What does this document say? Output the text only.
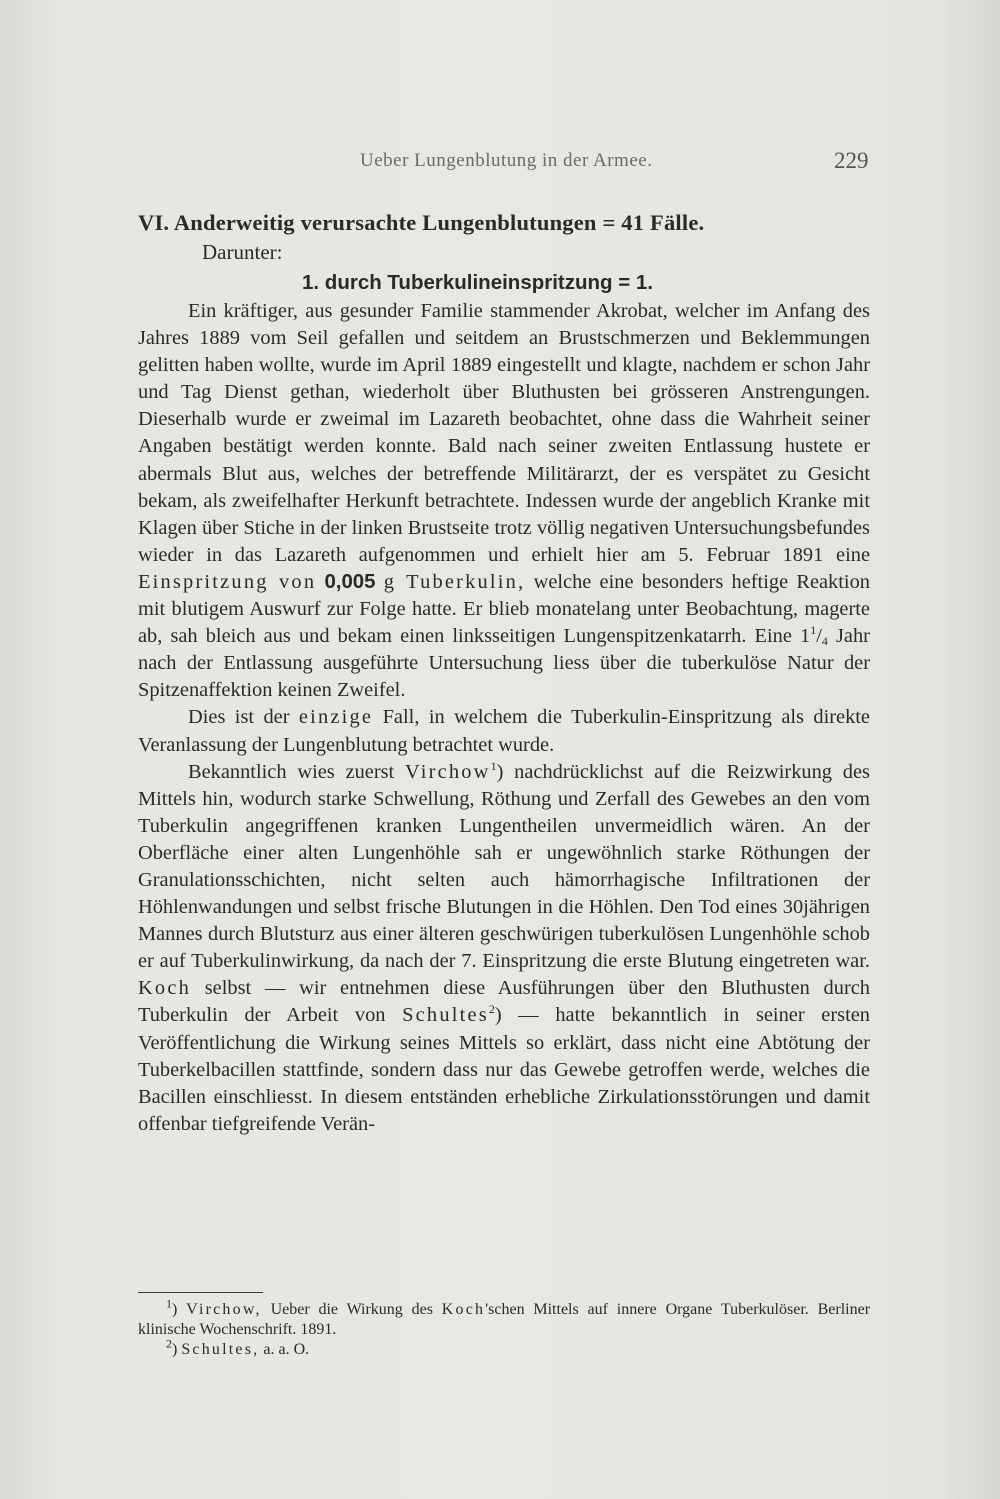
Ueber Lungenblutung in der Armee.	229
VI. Anderweitig verursachte Lungenblutungen = 41 Fälle.
Darunter:
1. durch Tuberkulineinspritzung = 1.

Ein kräftiger, aus gesunder Familie stammender Akrobat, welcher im Anfang des Jahres 1889 vom Seil gefallen und seitdem an Brustschmerzen und Beklemmungen gelitten haben wollte, wurde im April 1889 eingestellt und klagte, nachdem er schon Jahr und Tag Dienst gethan, wiederholt über Bluthusten bei grösseren Anstrengungen. Dieserhalb wurde er zweimal im Lazareth beobachtet, ohne dass die Wahrheit seiner Angaben bestätigt werden konnte. Bald nach seiner zweiten Entlassung hustete er abermals Blut aus, welches der betreffende Militärarzt, der es verspätet zu Gesicht bekam, als zweifelhafter Herkunft betrachtete. Indessen wurde der angeblich Kranke mit Klagen über Stiche in der linken Brustseite trotz völlig negativen Untersuchungsbefundes wieder in das Lazareth aufgenommen und erhielt hier am 5. Februar 1891 eine Einspritzung von 0,005 g Tuberkulin, welche eine besonders heftige Reaktion mit blutigem Auswurf zur Folge hatte. Er blieb monatelang unter Beobachtung, magerte ab, sah bleich aus und bekam einen linksseitigen Lungenspitzenkatarrh. Eine $1^1/_4$ Jahr nach der Entlassung ausgeführte Untersuchung liess über die tuberkulöse Natur der Spitzenaffektion keinen Zweifel.

Dies ist der einzige Fall, in welchem die Tuberkulin-Einspritzung als direkte Veranlassung der Lungenblutung betrachtet wurde.

Bekanntlich wies zuerst Virchow$^1$) nachdrücklichst auf die Reizwirkung des Mittels hin, wodurch starke Schwellung, Röthung und Zerfall des Gewebes an den vom Tuberkulin angegriffenen kranken Lungentheilen unvermeidlich wären. An der Oberfläche einer alten Lungenhöhle sah er ungewöhnlich starke Röthungen der Granulationsschichten, nicht selten auch hämorrhagische Infiltrationen der Höhlenwandungen und selbst frische Blutungen in die Höhlen. Den Tod eines 30jährigen Mannes durch Blutsturz aus einer älteren geschwürigen tuberkulösen Lungenhöhle schob er auf Tuberkulinwirkung, da nach der 7. Einspritzung die erste Blutung eingetreten war. Koch selbst — wir entnehmen diese Ausführungen über den Bluthusten durch Tuberkulin der Arbeit von Schultes$^2$) — hatte bekanntlich in seiner ersten Veröffentlichung die Wirkung seines Mittels so erklärt, dass nicht eine Abtötung der Tuberkelbacillen stattfinde, sondern dass nur das Gewebe getroffen werde, welches die Bacillen einschliesst. In diesem entständen erhebliche Zirkulationsstörungen und damit offenbar tiefgreifende Verän-

$^1$) Virchow, Ueber die Wirkung des Koch'schen Mittels auf innere Organe Tuberkulöser. Berliner klinische Wochenschrift. 1891.

$^2$) Schultes, a. a. O.
